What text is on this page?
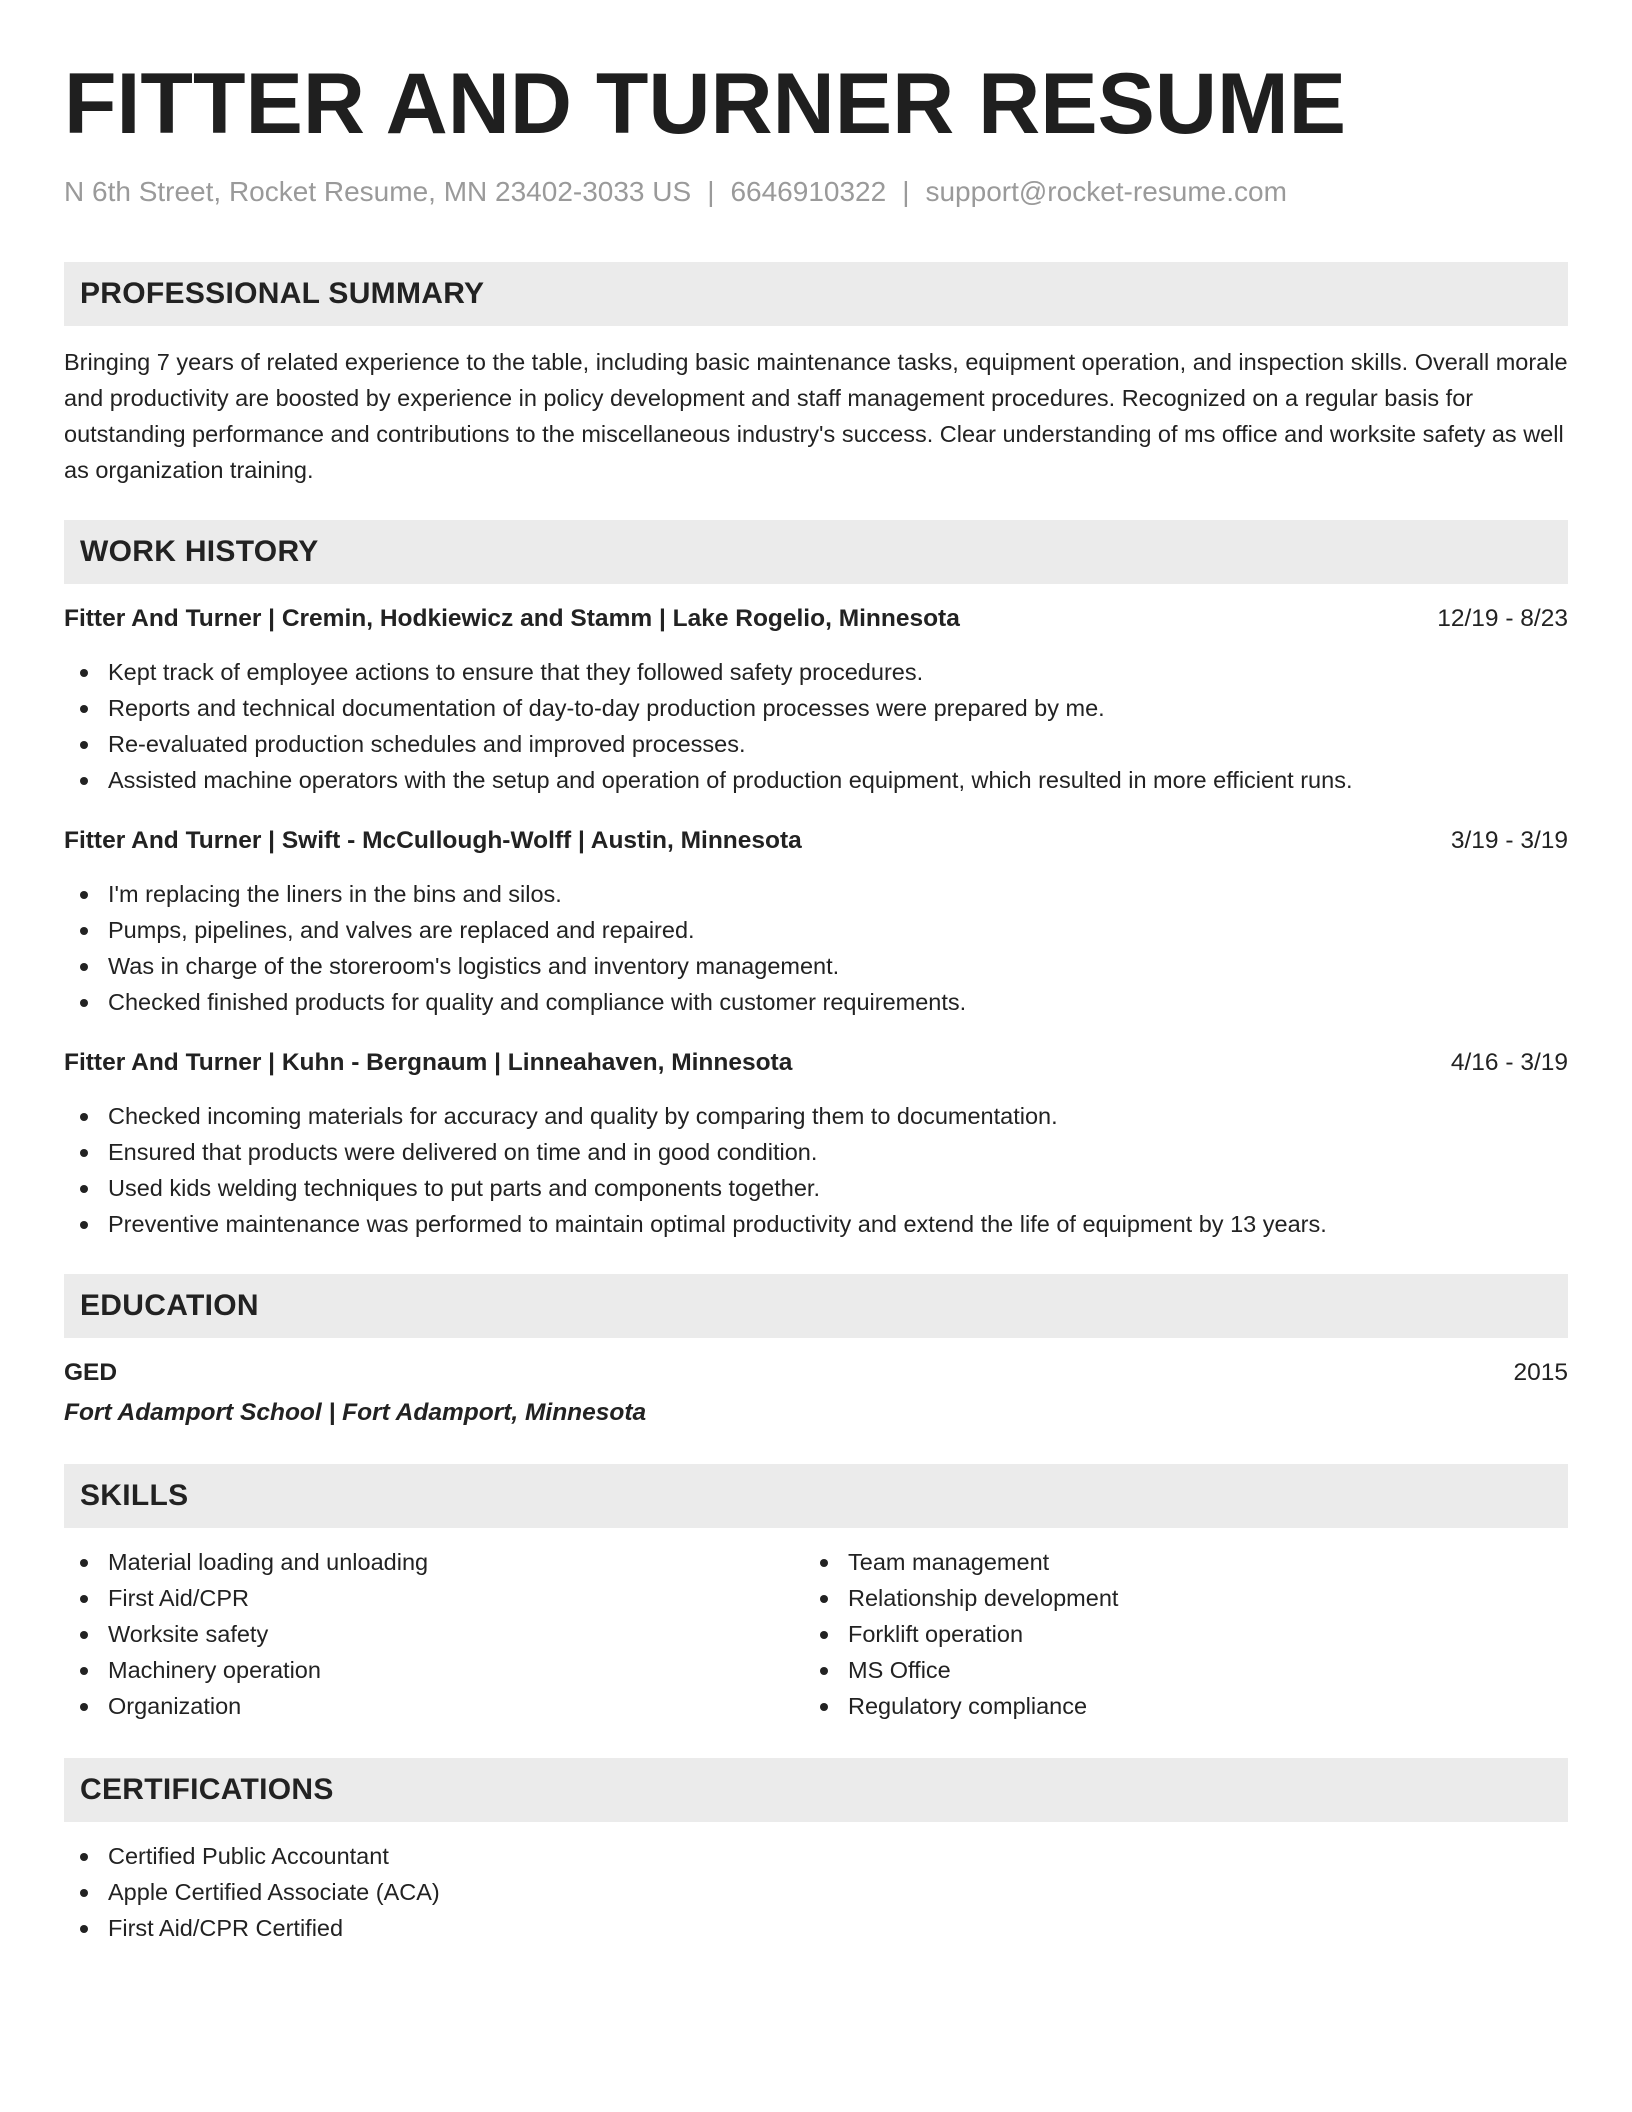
FITTER AND TURNER RESUME
N 6th Street, Rocket Resume, MN 23402-3033 US | 6646910322 | support@rocket-resume.com
PROFESSIONAL SUMMARY
Bringing 7 years of related experience to the table, including basic maintenance tasks, equipment operation, and inspection skills. Overall morale and productivity are boosted by experience in policy development and staff management procedures. Recognized on a regular basis for outstanding performance and contributions to the miscellaneous industry's success. Clear understanding of ms office and worksite safety as well as organization training.
WORK HISTORY
Fitter And Turner | Cremin, Hodkiewicz and Stamm | Lake Rogelio, Minnesota	12/19 - 8/23
Kept track of employee actions to ensure that they followed safety procedures.
Reports and technical documentation of day-to-day production processes were prepared by me.
Re-evaluated production schedules and improved processes.
Assisted machine operators with the setup and operation of production equipment, which resulted in more efficient runs.
Fitter And Turner | Swift - McCullough-Wolff | Austin, Minnesota	3/19 - 3/19
I'm replacing the liners in the bins and silos.
Pumps, pipelines, and valves are replaced and repaired.
Was in charge of the storeroom's logistics and inventory management.
Checked finished products for quality and compliance with customer requirements.
Fitter And Turner | Kuhn - Bergnaum | Linneahaven, Minnesota	4/16 - 3/19
Checked incoming materials for accuracy and quality by comparing them to documentation.
Ensured that products were delivered on time and in good condition.
Used kids welding techniques to put parts and components together.
Preventive maintenance was performed to maintain optimal productivity and extend the life of equipment by 13 years.
EDUCATION
GED	2015
Fort Adamport School | Fort Adamport, Minnesota
SKILLS
Material loading and unloading
First Aid/CPR
Worksite safety
Machinery operation
Organization
Team management
Relationship development
Forklift operation
MS Office
Regulatory compliance
CERTIFICATIONS
Certified Public Accountant
Apple Certified Associate (ACA)
First Aid/CPR Certified
